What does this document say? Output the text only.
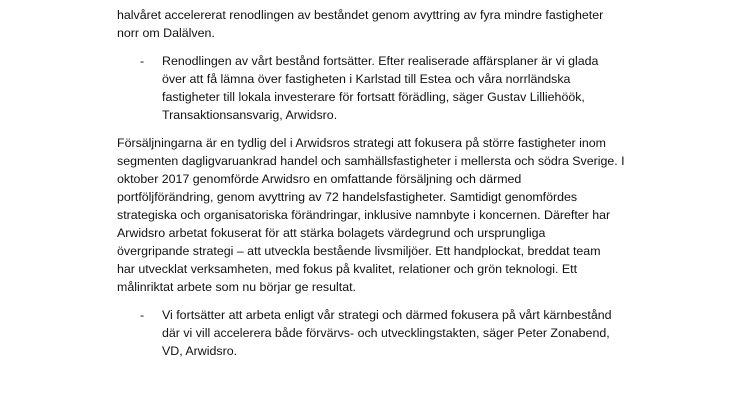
halvåret accelererat renodlingen av beståndet genom avyttring av fyra mindre fastigheter
norr om Dalälven.
- Renodlingen av vårt bestånd fortsätter. Efter realiserade affärsplaner är vi glada
över att få lämna över fastigheten i Karlstad till Estea och våra norrländska
fastigheter till lokala investerare för fortsatt förädling, säger Gustav Lilliehöök,
Transaktionsansvarig, Arwidsro.
Försäljningarna är en tydlig del i Arwidsros strategi att fokusera på större fastigheter inom
segmenten dagligvaruankrad handel och samhällsfastigheter i mellersta och södra Sverige. I
oktober 2017 genomförde Arwidsro en omfattande försäljning och därmed
portföljförändring, genom avyttring av 72 handelsfastigheter. Samtidigt genomfördes
strategiska och organisatoriska förändringar, inklusive namnbyte i koncernen. Därefter har
Arwidsro arbetat fokuserat för att stärka bolagets värdegrund och ursprungliga
övergripande strategi – att utveckla bestående livsmiljöer. Ett handplockat, breddat team
har utvecklat verksamheten, med fokus på kvalitet, relationer och grön teknologi. Ett
målinriktat arbete som nu börjar ge resultat.
- Vi fortsätter att arbeta enligt vår strategi och därmed fokusera på vårt kärnbestånd
där vi vill accelerera både förvärvs- och utvecklingstakten, säger Peter Zonabend,
VD, Arwidsro.
